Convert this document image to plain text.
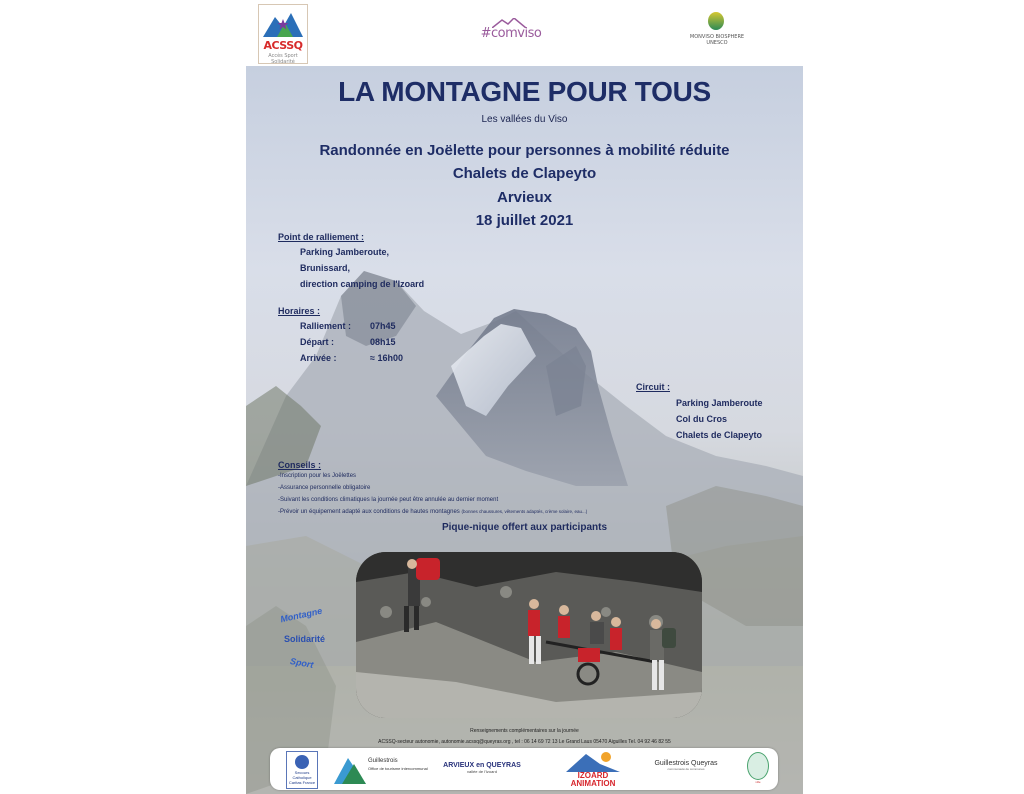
ACSSQ
Accès Sport Solidarité
#comviso	MONVISO BIOSPHERE
UNESCO
LA MONTAGNE POUR TOUS
Les vallées du Viso
Randonnée en Joëlette pour personnes à mobilité réduite
Chalets de Clapeyto
Arvieux
18 juillet 2021
Point de ralliement :
Parking Jamberoute,
Brunissard,
direction camping de l'Izoard
Horaires :
Ralliement :	07h45
Départ :	08h15
Arrivée :	≈ 16h00
Circuit :
Parking Jamberoute
Col du Cros
Chalets de Clapeyto
Conseils :
-Inscription pour les Joëlettes
-Assurance personnelle obligatoire
-Suivant les conditions climatiques la journée peut être annulée au dernier moment
-Prévoir un équipement adapté aux conditions de hautes montagnes (bonnes chaussures, vêtements adaptés, crème solaire, eau...)
Pique-nique offert aux participants
Montagne
Solidarité
Sport
Renseignements complémentaires sur la journée
ACSSQ-secteur autonomie, autonomie.acssq@queyras.org , tel : 06 14 69 72 13 Le Grand Laus 05470 Aiguilles Tel. 04 92 46 82 55
Secours Catholique Caritas France
Guillestrois
Office de tourisme intercommunal	ARVIEUX en QUEYRAS
vallée de l'Izoard	IZOARD ANIMATION
Guillestrois Queyras
communauté de communes
ville
